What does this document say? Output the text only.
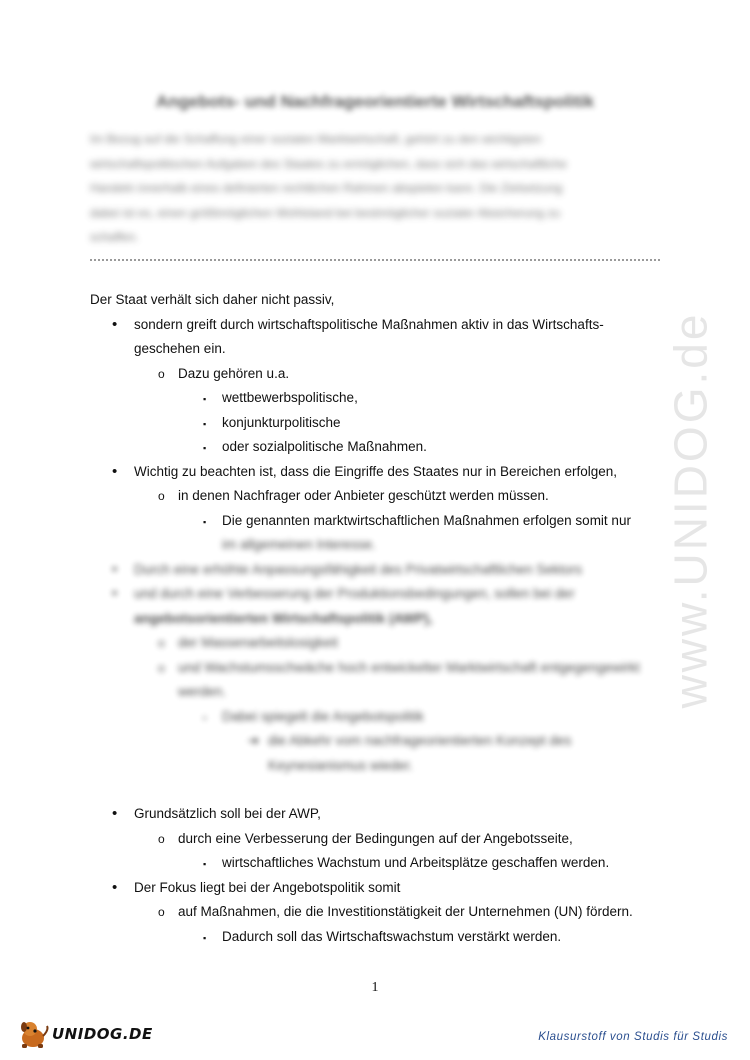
Angebots- und Nachfrageorientierte Wirtschaftspolitik
Im Bezug auf die Schaffung einer sozialen Marktwirtschaft, gehört zu den wichtigsten
wirtschaftspolitischen Aufgaben des Staates zu ermöglichen, dass sich das wirtschaftliche
Handeln innerhalb eines definierten rechtlichen Rahmen abspielen kann. Die Zielsetzung
dabei ist es, einen größtmöglichen Wohlstand bei bestmöglicher sozialer Absicherung zu
schaffen.
www.UNIDOG.de
Der Staat verhält sich daher nicht passiv,
• sondern greift durch wirtschaftspolitische Maßnahmen aktiv in das Wirtschafts-
geschehen ein.
o Dazu gehören u.a.
▪ wettbewerbspolitische,
▪ konjunkturpolitische
▪ oder sozialpolitische Maßnahmen.
• Wichtig zu beachten ist, dass die Eingriffe des Staates nur in Bereichen erfolgen,
o in denen Nachfrager oder Anbieter geschützt werden müssen.
▪ Die genannten marktwirtschaftlichen Maßnahmen erfolgen somit nur
im allgemeinen Interesse.
• Durch eine erhöhte Anpassungsfähigkeit des Privatwirtschaftlichen Sektors
• und durch eine Verbesserung der Produktionsbedingungen, sollen bei der
angebotsorientierten Wirtschaftspolitik (AWP),
o der Massenarbeitslosigkeit
o und Wachstumsschwäche hoch entwickelter Marktwirtschaft entgegengewirkt
werden.
▪ Dabei spiegelt die Angebotspolitik
➔ die Abkehr vom nachfrageorientierten Konzept des
Keynesianismus wieder.
• Grundsätzlich soll bei der AWP,
o durch eine Verbesserung der Bedingungen auf der Angebotsseite,
▪ wirtschaftliches Wachstum und Arbeitsplätze geschaffen werden.
• Der Fokus liegt bei der Angebotspolitik somit
o auf Maßnahmen, die die Investitionstätigkeit der Unternehmen (UN) fördern.
▪ Dadurch soll das Wirtschaftswachstum verstärkt werden.
1
UNIDOG.DE	Klausurstoff von Studis für Studis
